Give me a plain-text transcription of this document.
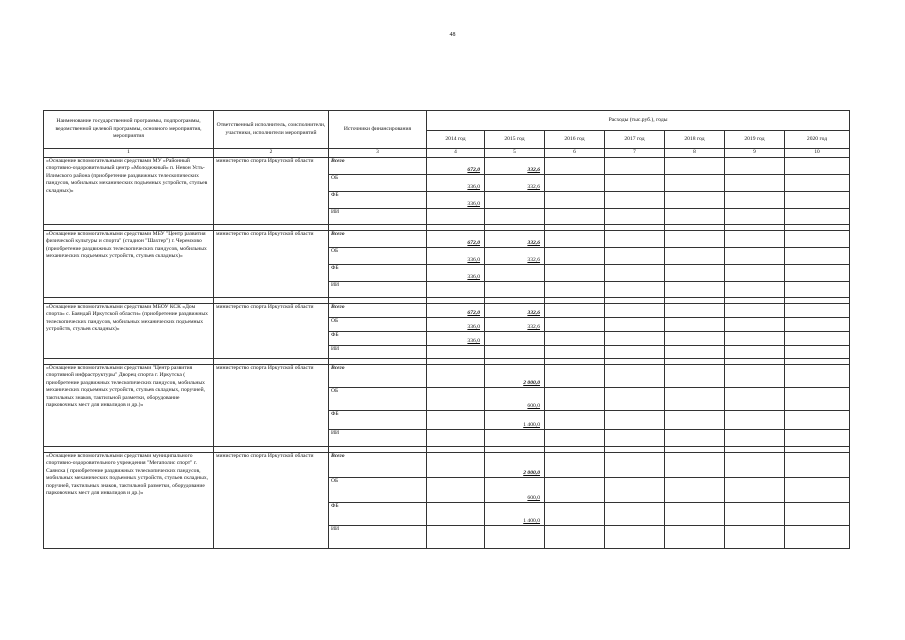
48
Наименование государственной программы, подпрограммы, ведомственной целевой программы, основного мероприятия, мероприятия	Ответственный исполнитель, соисполнители, участники, исполнители мероприятий	Источники финансирования	Расходы (тыс.руб.), годы						
			2014 год	2015 год	2016 год	2017 год	2018 год	2019 год	2020 год
1	2	3	4	5	6	7	8	9	10
«Оснащение вспомогательными средствами МУ «Районный спортивно-оздоровительный центр «Молодежный» п. Невон Усть-Илимского района (приобретение раздвижных телескопических пандусов, мобильных механических подъемных устройств, стульев складных)»	министерство спорта Иркутской области	Всего	672,0	332,6					
		ОБ	336,0	332,6					
		ФБ	336,0						
		ИИ							

«Оснащение вспомогательными средствами МБУ "Центр развития физической культуры и спорта" (стадион "Шахтер") г. Черемхово (приобретение раздвижных телескопических пандусов, мобильных механических подъемных устройств, стульев складных)»	министерство спорта Иркутской области	Всего	672,0	332,6					
		ОБ	336,0	332,6					
		ФБ	336,0						
		ИИ							

«Оснащение вспомогательными средствами МБОУ КСК «Дом спорта» с. Баяндай Иркутской области» (приобретение раздвижных телескопических пандусов, мобильных механических подъемных устройств, стульев складных)»	министерство спорта Иркутской области	Всего	672,0	332,6					
		ОБ	336,0	332,6					
		ФБ	336,0						
		ИИ							

«Оснащение вспомогательными средствами "Центр развития спортивной инфраструктуры" Дворец спорта г. Иркутска ( приобретение раздвижных телескопических пандусов, мобильных механических подъемных устройств, стульев складных, поручней, тактильных знаков, тактильной разметки, оборудование парковочных мест для инвалидов и др.)»	министерство спорта Иркутской области	Всего		2 000,0					
		ОБ		600,0					
		ФБ		1 400,0					
		ИИ							

«Оснащение вспомогательными средствами муниципального спортивно-оздоровительного учреждения "Мегаполис спорт" г. Саянска ( приобретение раздвижных телескопических пандусов, мобильных механических подъемных устройств, стульев складных, поручней, тактильных знаков, тактильной разметки, оборудование парковочных мест для инвалидов и др.)»	министерство спорта Иркутской области	Всего		2 000,0					
		ОБ		600,0					
		ФБ		1 400,0					
		ИИ							
